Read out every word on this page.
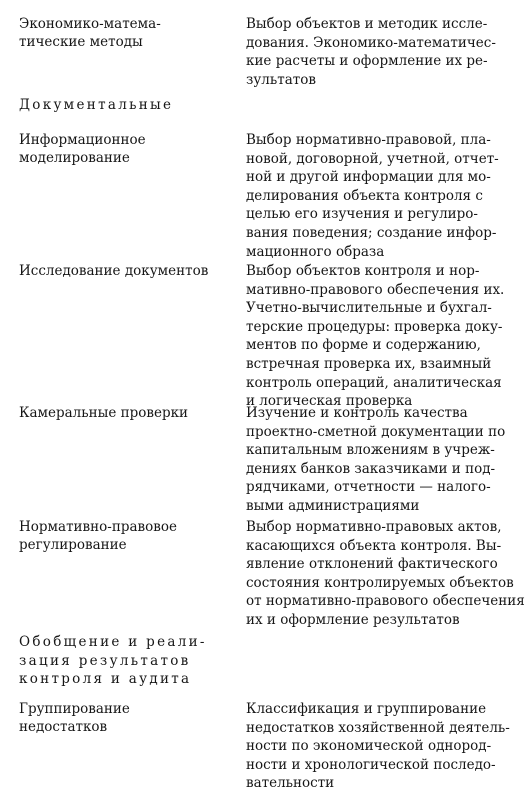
Экономико-матема-
тические методы
Выбор объектов и методик иссле-
дования. Экономико-математичес-
кие расчеты и оформление их ре-
зультатов
Документальные
Информационное
моделирование
Выбор нормативно-правовой, пла-
новой, договорной, учетной, отчет-
ной и другой информации для мо-
делирования объекта контроля с
целью его изучения и регулиро-
вания поведения; создание инфор-
мационного образа
Исследование документов	Выбор объектов контроля и нор-
мативно-правового обеспечения их.
Учетно-вычислительные и бухгал-
терские процедуры: проверка доку-
ментов по форме и содержанию,
встречная проверка их, взаимный
контроль операций, аналитическая
и логическая проверка
Камеральные проверки	Изучение и контроль качества
проектно-сметной документации по
капитальным вложениям в учреж-
дениях банков заказчиками и под-
рядчиками, отчетности — налого-
выми администрациями
Нормативно-правовое
регулирование
Выбор нормативно-правовых актов,
касающихся объекта контроля. Вы-
явление отклонений фактического
состояния контролируемых объектов
от нормативно-правового обеспечения
их и оформление результатов
Обобщение и реали-
зация результатов
контроля и аудита
Группирование
недостатков
Классификация и группирование
недостатков хозяйственной деятель-
ности по экономической однород-
ности и хронологической последо-
вательности
